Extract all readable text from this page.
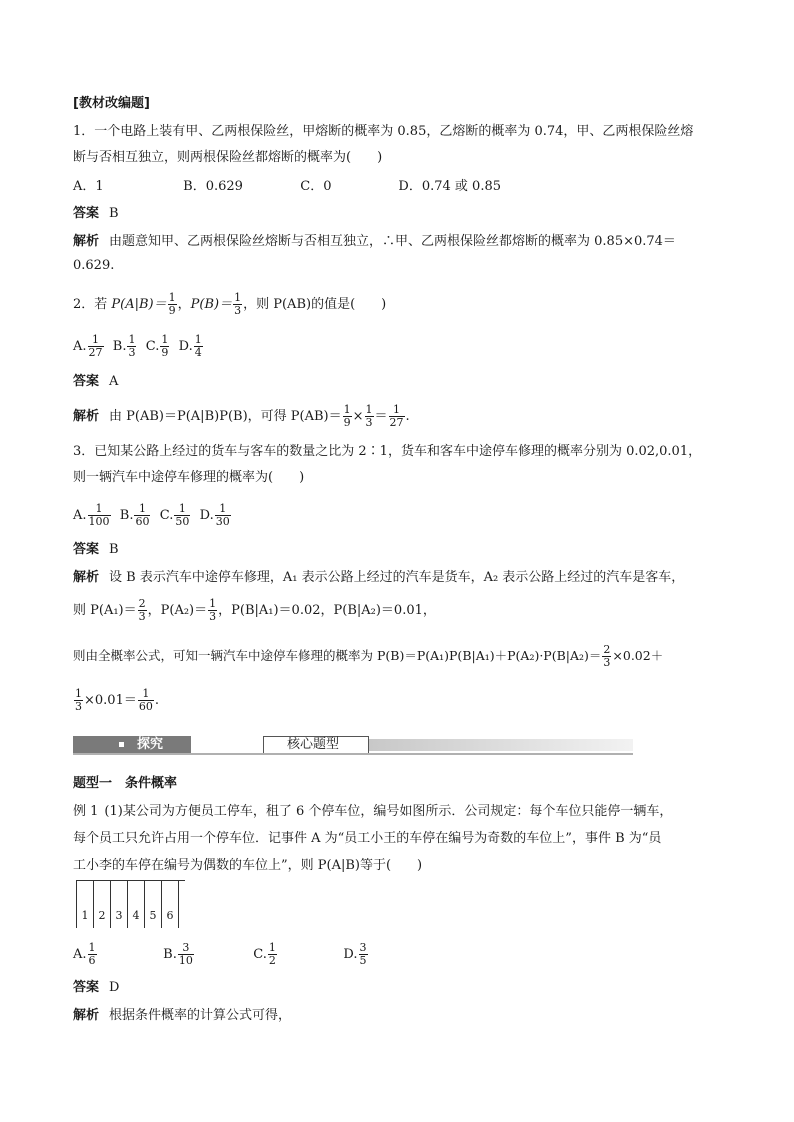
[教材改编题]
1．一个电路上装有甲、乙两根保险丝，甲熔断的概率为 0.85，乙熔断的概率为 0.74，甲、乙两根保险丝熔
断与否相互独立，则两根保险丝都熔断的概率为(　　)
A．1	B．0.629	C．0	D．0.74 或 0.85
答案 B
解析 由题意知甲、乙两根保险丝熔断与否相互独立，∴甲、乙两根保险丝都熔断的概率为 0.85×0.74＝
0.629.
2．若 $P(A|B)= \frac{1}{9}$ ，$P(B)= \frac{1}{3}$ ，则 P(AB)的值是(　　)
A. $\frac{1}{27} B$. $\frac{1}{3} C$. $\frac{1}{9} D$. $\frac{1}{4}$
答案 A
解析 由 P(AB)＝P(A|B)P(B)，可得 $P(AB)= \frac{1}{9} \times \frac{1}{3} = \frac{1}{27}$ .
3．已知某公路上经过的货车与客车的数量之比为 2∶1，货车和客车中途停车修理的概率分别为 0.02,0.01，
则一辆汽车中途停车修理的概率为(　　)
A. $\frac{1}{100} B$. $\frac{1}{60} C$. $\frac{1}{50} D$. $\frac{1}{30}$
答案 B
解析 设 B 表示汽车中途停车修理，A₁ 表示公路上经过的汽车是货车，A₂ 表示公路上经过的汽车是客车，
则 $P(A_1)= \frac{2}{3}$ ，$P(A_2)= \frac{1}{3}$ ，P(B|A₁)＝0.02，P(B|A₂)＝0.01，
则由全概率公式，可知一辆汽车中途停车修理的概率为 $P(B)=P(A_1)P(B|A_1)+P(A_2)\cdot P(B|A_2)= \frac{2}{3} \times 0.02+$
$\frac{1}{3} \times 0.01= \frac{1}{60}$ .
探究	核心题型
题型一　条件概率
例 1 (1)某公司为方便员工停车，租了 6 个停车位，编号如图所示．公司规定：每个车位只能停一辆车，
每个员工只允许占用一个停车位．记事件 A 为“员工小王的车停在编号为奇数的车位上”，事件 B 为“员
工小李的车停在编号为偶数的车位上”，则 P(A|B)等于(　　)
1 2 3 4 5 6
A. $\frac{1}{6}$	B. $\frac{3}{10}$	C. $\frac{1}{2}$	D. $\frac{3}{5}$
答案 D
解析 根据条件概率的计算公式可得，
